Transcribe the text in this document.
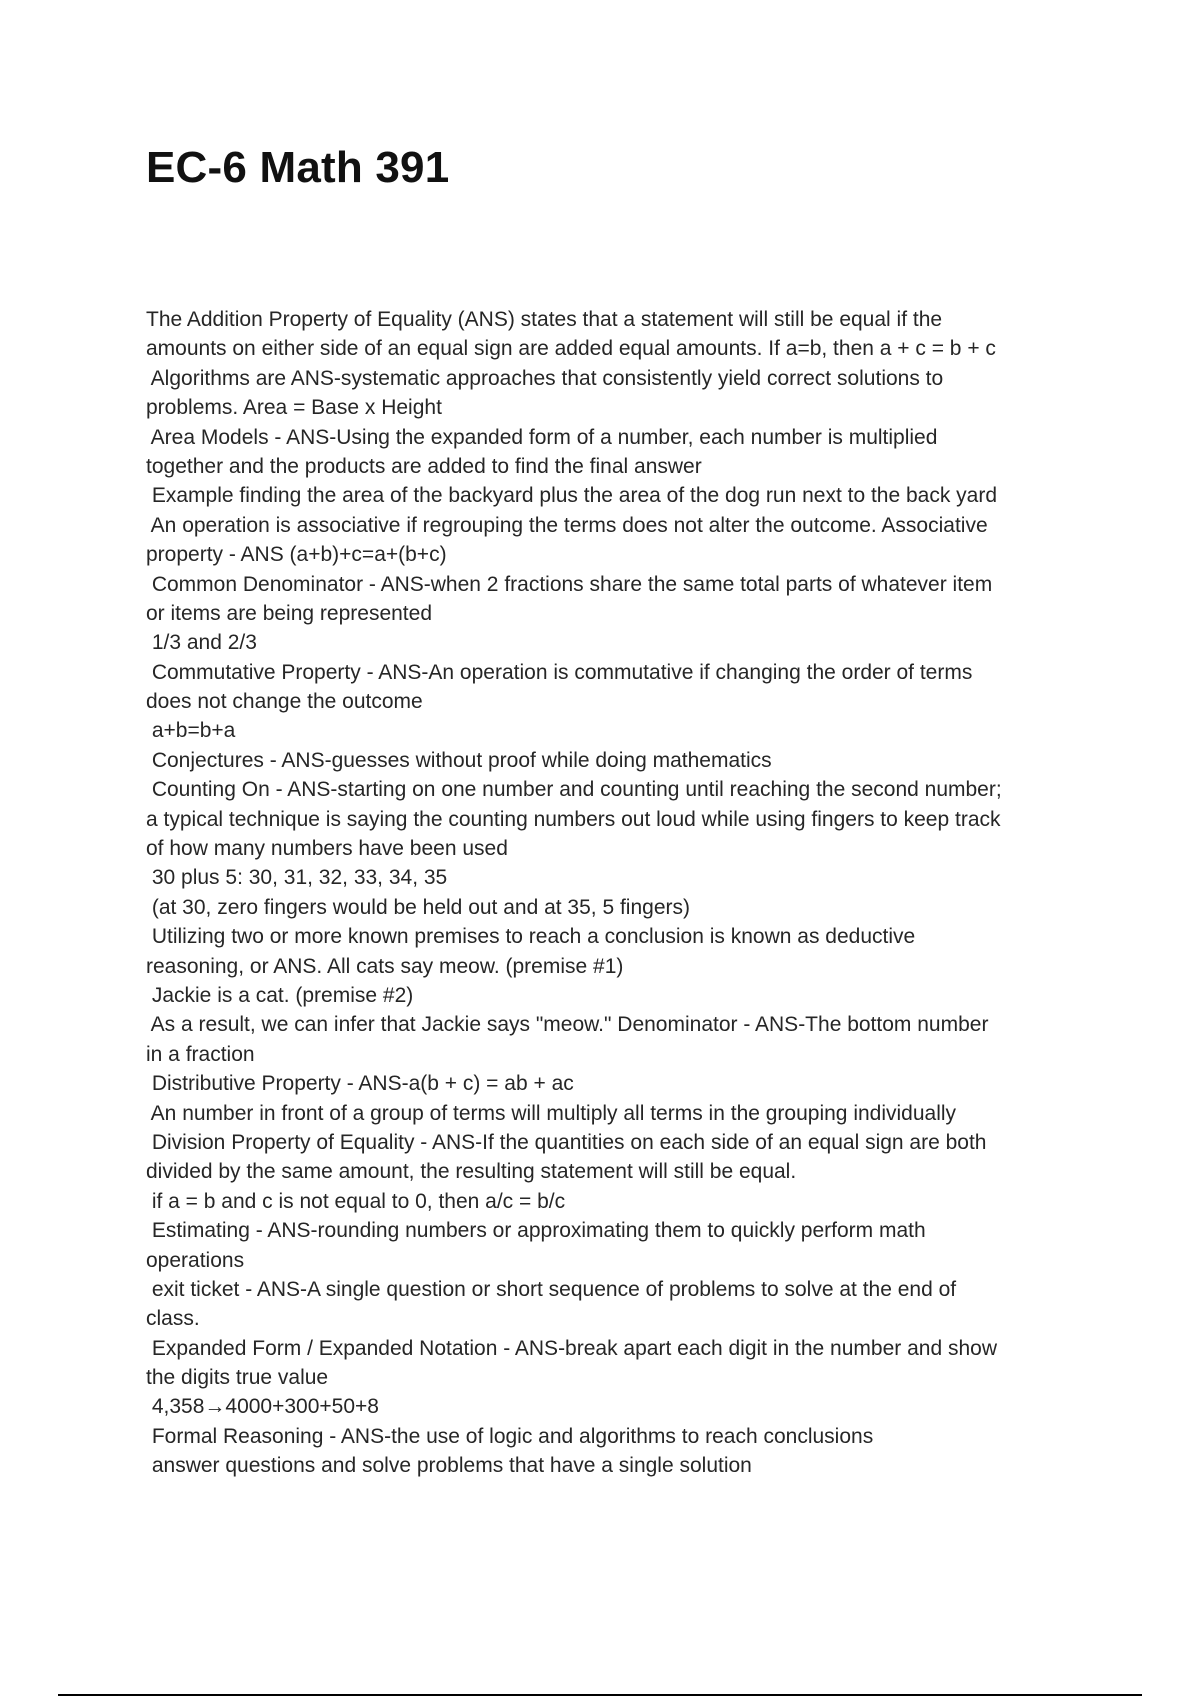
EC-6 Math 391
The Addition Property of Equality (ANS) states that a statement will still be equal if the
amounts on either side of an equal sign are added equal amounts. If a=b, then a + c = b + c
Algorithms are ANS-systematic approaches that consistently yield correct solutions to
problems. Area = Base x Height
Area Models - ANS-Using the expanded form of a number, each number is multiplied
together and the products are added to find the final answer
Example finding the area of the backyard plus the area of the dog run next to the back yard
An operation is associative if regrouping the terms does not alter the outcome. Associative
property - ANS (a+b)+c=a+(b+c)
Common Denominator - ANS-when 2 fractions share the same total parts of whatever item
or items are being represented
1/3 and 2/3
Commutative Property - ANS-An operation is commutative if changing the order of terms
does not change the outcome
a+b=b+a
Conjectures - ANS-guesses without proof while doing mathematics
Counting On - ANS-starting on one number and counting until reaching the second number;
a typical technique is saying the counting numbers out loud while using fingers to keep track
of how many numbers have been used
30 plus 5: 30, 31, 32, 33, 34, 35
(at 30, zero fingers would be held out and at 35, 5 fingers)
Utilizing two or more known premises to reach a conclusion is known as deductive
reasoning, or ANS. All cats say meow. (premise #1)
Jackie is a cat. (premise #2)
As a result, we can infer that Jackie says "meow." Denominator - ANS-The bottom number
in a fraction
Distributive Property - ANS-a(b + c) = ab + ac
An number in front of a group of terms will multiply all terms in the grouping individually
Division Property of Equality - ANS-If the quantities on each side of an equal sign are both
divided by the same amount, the resulting statement will still be equal.
if a = b and c is not equal to 0, then a/c = b/c
Estimating - ANS-rounding numbers or approximating them to quickly perform math
operations
exit ticket - ANS-A single question or short sequence of problems to solve at the end of
class.
Expanded Form / Expanded Notation - ANS-break apart each digit in the number and show
the digits true value
4,358→4000+300+50+8
Formal Reasoning - ANS-the use of logic and algorithms to reach conclusions
answer questions and solve problems that have a single solution
